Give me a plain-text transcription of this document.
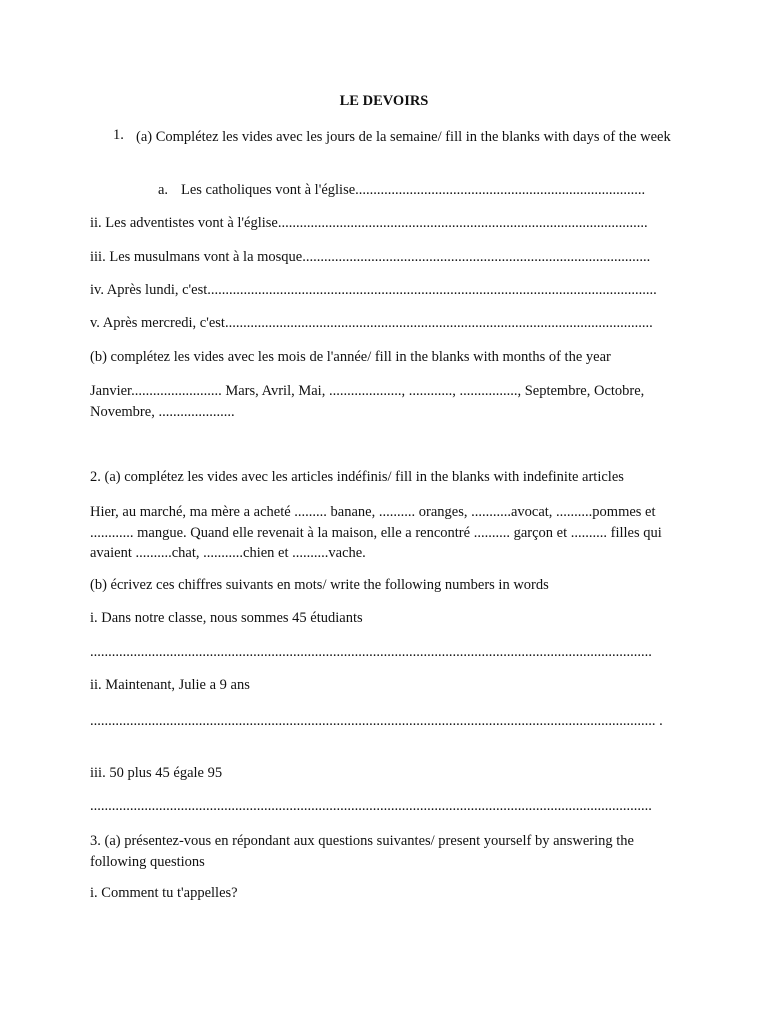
LE DEVOIRS
1. (a) Complétez les vides avec les jours de la semaine/ fill in the blanks with days of the week
a. Les catholiques vont à l'église................................................................................
ii. Les adventistes vont à l'église......................................................................................................
iii. Les musulmans vont à la mosque................................................................................................
iv. Après lundi, c'est............................................................................................................................
v. Après mercredi, c'est......................................................................................................................
(b) complétez les vides avec les mois de l'année/ fill in the blanks with months of the year
Janvier......................... Mars, Avril, Mai, ...................., ............, ................, Septembre, Octobre, Novembre, .....................
2. (a) complétez les vides avec les articles indéfinis/ fill in the blanks with indefinite articles
Hier, au marché, ma mère a acheté ......... banane, .......... oranges, ...........avocat, ..........pommes et ............ mangue. Quand elle revenait à la maison, elle a rencontré .......... garçon et .......... filles qui avaient ..........chat, ...........chien et ..........vache.
(b) écrivez ces chiffres suivants en mots/ write the following numbers in words
i. Dans notre classe, nous sommes 45 étudiants
...........................................................................................................................................................
ii. Maintenant, Julie a 9 ans
............................................................................................................................................................ .
iii. 50 plus 45 égale 95
...........................................................................................................................................................
3. (a) présentez-vous en répondant aux questions suivantes/ present yourself by answering the following questions
i. Comment tu t'appelles?
